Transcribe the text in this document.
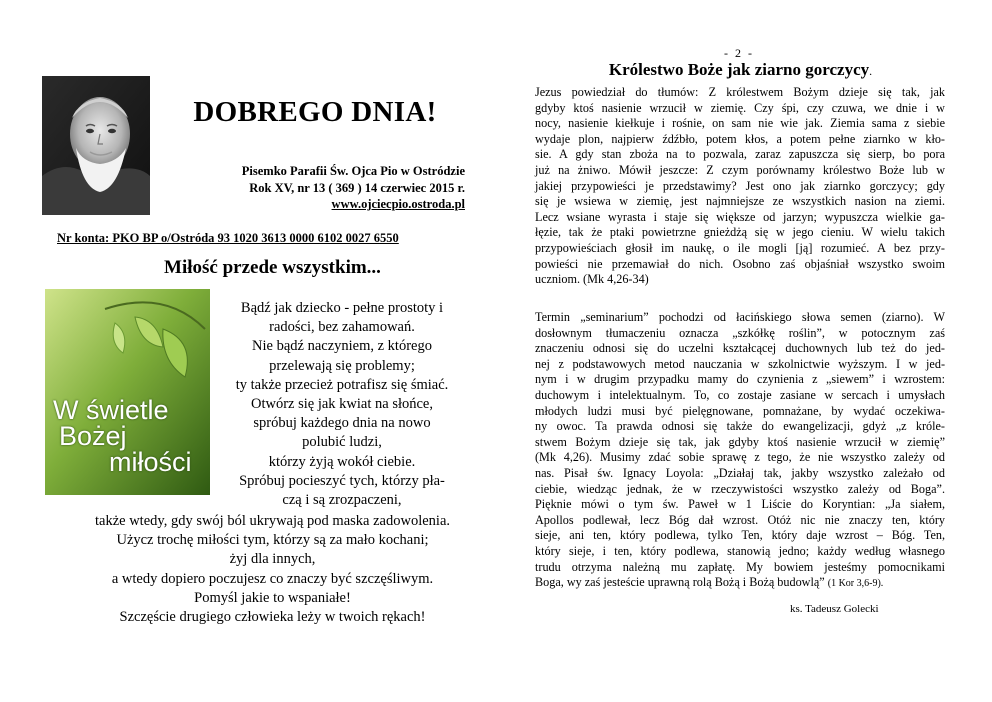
DOBREGO DNIA!
Pisemko Parafii Św. Ojca Pio w Ostródzie
Rok XV, nr 13 ( 369 ) 14 czerwiec 2015 r.
www.ojciecpio.ostroda.pl
Nr konta: PKO BP o/Ostróda 93 1020 3613 0000 6102 0027 6550
Miłość przede wszystkim...
W świetle
Bożej
miłości
Bądź jak dziecko - pełne prostoty i
radości, bez zahamowań.
Nie bądź naczyniem, z którego
przelewają się problemy;
ty także przecież potrafisz się śmiać.
Otwórz się jak kwiat na słońce,
spróbuj każdego dnia na nowo
polubić ludzi,
którzy żyją wokół ciebie.
Spróbuj pocieszyć tych, którzy pła-
czą i są zrozpaczeni,
także wtedy, gdy swój ból ukrywają pod maska zadowolenia.
Użycz trochę miłości tym, którzy są za mało kochani;
żyj dla innych,
a wtedy dopiero poczujesz co znaczy być szczęśliwym.
Pomyśl jakie to wspaniałe!
Szczęście drugiego człowieka leży w twoich rękach!
- 2 -
Królestwo Boże jak ziarno gorczycy.
Jezus powiedział do tłumów: Z królestwem Bożym dzieje się tak, jak
gdyby ktoś nasienie wrzucił w ziemię. Czy śpi, czy czuwa, we dnie i w
nocy, nasienie kiełkuje i rośnie, on sam nie wie jak. Ziemia sama z siebie
wydaje plon, najpierw źdźbło, potem kłos, a potem pełne ziarnko w kło-
sie. A gdy stan zboża na to pozwala, zaraz zapuszcza się sierp, bo pora
już na żniwo. Mówił jeszcze: Z czym porównamy królestwo Boże lub w
jakiej przypowieści je przedstawimy? Jest ono jak ziarnko gorczycy; gdy
się je wsiewa w ziemię, jest najmniejsze ze wszystkich nasion na ziemi.
Lecz wsiane wyrasta i staje się większe od jarzyn; wypuszcza wielkie ga-
łęzie, tak że ptaki powietrzne gnieżdżą się w jego cieniu. W wielu takich
przypowieściach głosił im naukę, o ile mogli [ją] rozumieć. A bez przy-
powieści nie przemawiał do nich. Osobno zaś objaśniał wszystko swoim
uczniom. (Mk 4,26-34)
Termin „seminarium” pochodzi od łacińskiego słowa semen (ziarno). W
dosłownym tłumaczeniu oznacza „szkółkę roślin”, w potocznym zaś
znaczeniu odnosi się do uczelni kształcącej duchownych lub też do jed-
nej z podstawowych metod nauczania w szkolnictwie wyższym. I w jed-
nym i w drugim przypadku mamy do czynienia z „siewem” i wzrostem:
duchowym i intelektualnym. To, co zostaje zasiane w sercach i umysłach
młodych ludzi musi być pielęgnowane, pomnażane, by wydać oczekiwa-
ny owoc. Ta prawda odnosi się także do ewangelizacji, gdyż „z króle-
stwem Bożym dzieje się tak, jak gdyby ktoś nasienie wrzucił w ziemię”
(Mk 4,26). Musimy zdać sobie sprawę z tego, że nie wszystko zależy od
nas. Pisał św. Ignacy Loyola: „Działaj tak, jakby wszystko zależało od
ciebie, wiedząc jednak, że w rzeczywistości wszystko zależy od Boga”.
Pięknie mówi o tym św. Paweł w 1 Liście do Koryntian: „Ja siałem,
Apollos podlewał, lecz Bóg dał wzrost. Otóż nic nie znaczy ten, który
sieje, ani ten, który podlewa, tylko Ten, który daje wzrost – Bóg. Ten,
który sieje, i ten, który podlewa, stanowią jedno; każdy według własnego
trudu otrzyma należną mu zapłatę. My bowiem jesteśmy pomocnikami
Boga, wy zaś jesteście uprawną rolą Bożą i Bożą budowlą” (1 Kor 3,6-9).
ks. Tadeusz Golecki
